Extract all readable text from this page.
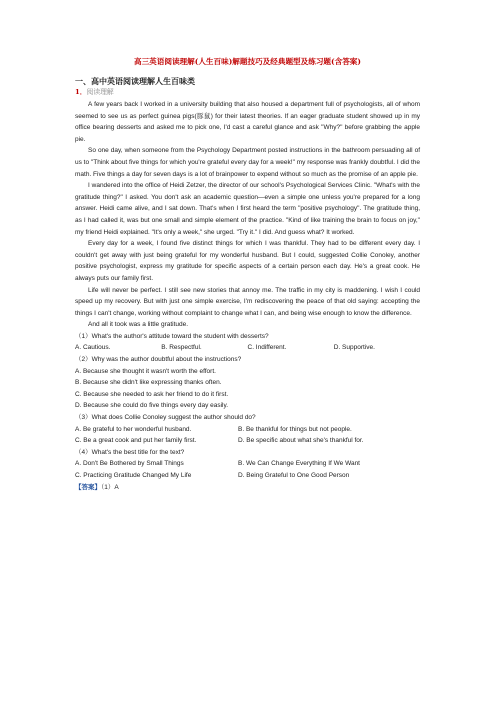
高三英语阅读理解(人生百味)解题技巧及经典题型及练习题(含答案)
一、高中英语阅读理解人生百味类
1．阅读理解

A few years back I worked in a university building that also housed a department full of psychologists, all of whom seemed to see us as perfect guinea pigs(豚鼠) for their latest theories. If an eager graduate student showed up in my office bearing desserts and asked me to pick one, I'd cast a careful glance and ask "Why?" before grabbing the apple pie.

So one day, when someone from the Psychology Department posted instructions in the bathroom persuading all of us to "Think about five things for which you're grateful every day for a week!" my response was frankly doubtful. I did the math. Five things a day for seven days is a lot of brainpower to expend without so much as the promise of an apple pie.

I wandered into the office of Heidi Zetzer, the director of our school's Psychological Services Clinic. "What's with the gratitude thing?" I asked. You don't ask an academic question—even a simple one unless you're prepared for a long answer. Heidi came alive, and I sat down. That's when I first heard the term "positive psychology". The gratitude thing, as I had called it, was but one small and simple element of the practice. "Kind of like training the brain to focus on joy," my friend Heidi explained. "It's only a week," she urged. "Try it." I did. And guess what? It worked.

Every day for a week, I found five distinct things for which I was thankful. They had to be different every day. I couldn't get away with just being grateful for my wonderful husband. But I could, suggested Collie Conoley, another positive psychologist, express my gratitude for specific aspects of a certain person each day. He's a great cook. He always puts our family first.

Life will never be perfect. I still see new stories that annoy me. The traffic in my city is maddening. I wish I could speed up my recovery. But with just one simple exercise, I'm rediscovering the peace of that old saying: accepting the things I can't change, working without complaint to change what I can, and being wise enough to know the difference.

And all it took was a little gratitude.

（1）What's the author's attitude toward the student with desserts?

A. Cautious.	B. Respectful.	C. Indifferent.	D. Supportive.

（2）Why was the author doubtful about the instructions?

A. Because she thought it wasn't worth the effort.

B. Because she didn't like expressing thanks often.

C. Because she needed to ask her friend to do it first.

D. Because she could do five things every day easily.

（3）What does Collie Conoley suggest the author should do?

A. Be grateful to her wonderful husband.	B. Be thankful for things but not people.
C. Be a great cook and put her family first.	D. Be specific about what she's thankful for.

（4）What's the best title for the text?

A. Don't Be Bothered by Small Things	B. We Can Change Everything If We Want
C. Practicing Gratitude Changed My Life	D. Being Grateful to One Good Person
【答案】（1）A
